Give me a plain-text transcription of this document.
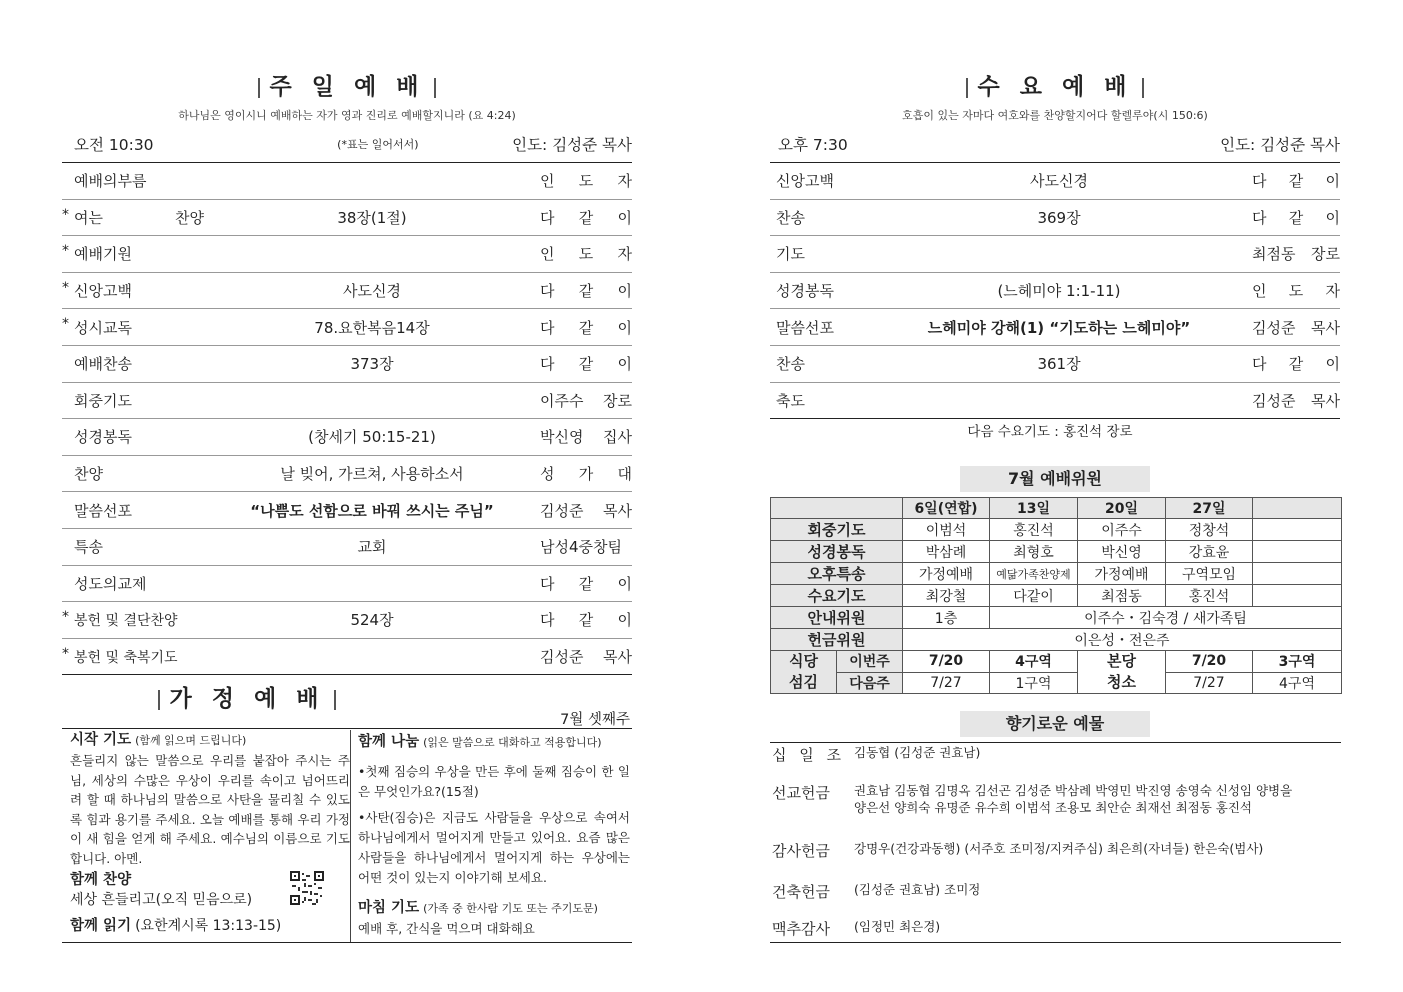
주 일 예 배
하나님은 영이시니 예배하는 자가 영과 진리로 예배할지니라 (요 4:24)
오전 10:30	(*표는 일어서서)	인도: 김성준 목사
예배의부름	인 도 자
* 여는 찬양	38장(1절)	다 같 이
* 예배기원	인 도 자
* 신앙고백	사도신경	다 같 이
* 성시교독	78.요한복음14장	다 같 이
예배찬송	373장	다 같 이
회중기도	이주수 장로
성경봉독	(창세기 50:15-21)	박신영 집사
찬양	날 빚어, 가르쳐, 사용하소서	성 가 대
말씀선포	“나쁨도 선함으로 바꿔 쓰시는 주님”	김성준 목사
특송	교회	남성4중창팀
성도의교제	다 같 이
* 봉헌 및 결단찬양	524장	다 같 이
* 봉헌 및 축복기도	김성준 목사
가 정 예 배
7월 셋째주
시작 기도 (함께 읽으며 드립니다)
흔들리지 않는 말씀으로 우리를 붙잡아 주시는 주님, 세상의 수많은 우상이 우리를 속이고 넘어뜨리려 할 때 하나님의 말씀으로 사탄을 물리칠 수 있도록 힘과 용기를 주세요. 오늘 예배를 통해 우리 가정이 새 힘을 얻게 해 주세요. 예수님의 이름으로 기도합니다. 아멘.
함께 찬양
세상 흔들리고(오직 믿음으로)
함께 읽기 (요한계시록 13:13-15)
함께 나눔 (읽은 말씀으로 대화하고 적용합니다)
•첫째 짐승의 우상을 만든 후에 둘째 짐승이 한 일은 무엇인가요?(15절)
•사탄(짐승)은 지금도 사람들을 우상으로 속여서 하나님에게서 멀어지게 만들고 있어요. 요즘 많은 사람들을 하나님에게서 멀어지게 하는 우상에는 어떤 것이 있는지 이야기해 보세요.
마침 기도 (가족 중 한사람 기도 또는 주기도문)
예배 후, 간식을 먹으며 대화해요
수 요 예 배
호흡이 있는 자마다 여호와를 찬양할지어다 할렐루야(시 150:6)
오후 7:30	인도: 김성준 목사
신앙고백	사도신경	다 같 이
찬송	369장	다 같 이
기도	최점동 장로
성경봉독	(느헤미야 1:1-11)	인 도 자
말씀선포	느헤미야 강해(1) “기도하는 느헤미야”	김성준 목사
찬송	361장	다 같 이
축도	김성준 목사
다음 수요기도 : 홍진석 장로
7월 예배위원
	6일(연합)	13일	20일	27일	
회중기도	이범석	홍진석	이주수	정창석	
성경봉독	박삼례	최형호	박신영	강효윤	
오후특송	가정예배	예닮가족찬양제	가정예배	구역모임	
수요기도	최강철	다같이	최점동	홍진석	
안내위원	1층	이주수・김숙경 / 새가족팀			
헌금위원	이은성・전은주				
식당섬김	이번주	7/20	4구역	본당청소	7/20	3구역
	다음주	7/27	1구역		7/27	4구역
향기로운 예물
십 일 조 김동협 (김성준 권효남)
선교헌금	권효남 김동협 김명옥 김선곤 김성준 박삼례 박영민 박진영 송영숙 신성임 양병을 양은선 양희숙 유명준 유수희 이범석 조용모 최안순 최재선 최점동 홍진석
감사헌금	강명우(건강과동행) (서주호 조미정/지켜주심) 최은희(자녀들) 한은숙(범사)
건축헌금	(김성준 권효남) 조미정
맥추감사	(임정민 최은경)
